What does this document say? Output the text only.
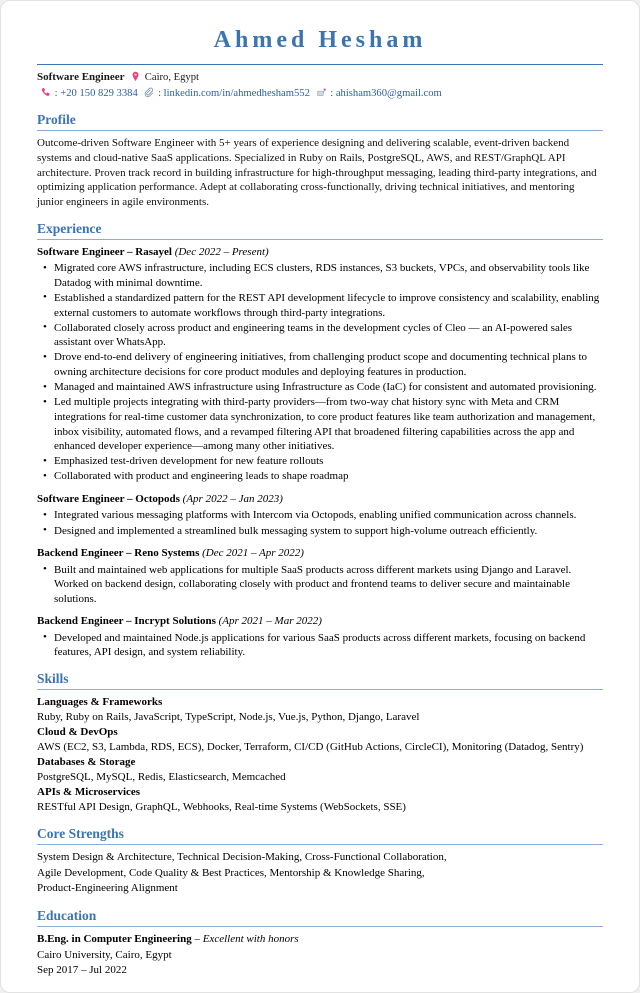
Ahmed Hesham
Software Engineer Cairo, Egypt
: +20 150 829 3384 : linkedin.com/in/ahmedhesham552 : ahisham360@gmail.com
Profile

Outcome-driven Software Engineer with 5+ years of experience designing and delivering scalable, event-driven backend systems and cloud-native SaaS applications. Specialized in Ruby on Rails, PostgreSQL, AWS, and REST/GraphQL API architecture. Proven track record in building infrastructure for high-throughput messaging, leading third-party integrations, and optimizing application performance. Adept at collaborating cross-functionally, driving technical initiatives, and mentoring junior engineers in agile environments.

Experience
Software Engineer – Rasayel (Dec 2022 – Present)
• Migrated core AWS infrastructure, including ECS clusters, RDS instances, S3 buckets, VPCs, and observability tools like Datadog with minimal downtime.
• Established a standardized pattern for the REST API development lifecycle to improve consistency and scalability, enabling external customers to automate workflows through third-party integrations.
• Collaborated closely across product and engineering teams in the development cycles of Cleo — an AI-powered sales assistant over WhatsApp.
• Drove end-to-end delivery of engineering initiatives, from challenging product scope and documenting technical plans to owning architecture decisions for core product modules and deploying features in production.
• Managed and maintained AWS infrastructure using Infrastructure as Code (IaC) for consistent and automated provisioning.
• Led multiple projects integrating with third-party providers—from two-way chat history sync with Meta and CRM integrations for real-time customer data synchronization, to core product features like team authorization and management, inbox visibility, automated flows, and a revamped filtering API that broadened filtering capabilities across the app and enhanced developer experience—among many other initiatives.
• Emphasized test-driven development for new feature rollouts
• Collaborated with product and engineering leads to shape roadmap
Software Engineer – Octopods (Apr 2022 – Jan 2023)
• Integrated various messaging platforms with Intercom via Octopods, enabling unified communication across channels.
• Designed and implemented a streamlined bulk messaging system to support high-volume outreach efficiently.
Backend Engineer – Reno Systems (Dec 2021 – Apr 2022)
• Built and maintained web applications for multiple SaaS products across different markets using Django and Laravel. Worked on backend design, collaborating closely with product and frontend teams to deliver secure and maintainable solutions.
Backend Engineer – Incrypt Solutions (Apr 2021 – Mar 2022)
• Developed and maintained Node.js applications for various SaaS products across different markets, focusing on backend features, API design, and system reliability.
Skills
Languages & Frameworks
Ruby, Ruby on Rails, JavaScript, TypeScript, Node.js, Vue.js, Python, Django, Laravel
Cloud & DevOps
AWS (EC2, S3, Lambda, RDS, ECS), Docker, Terraform, CI/CD (GitHub Actions, CircleCI), Monitoring (Datadog, Sentry)
Databases & Storage
PostgreSQL, MySQL, Redis, Elasticsearch, Memcached
APIs & Microservices
RESTful API Design, GraphQL, Webhooks, Real-time Systems (WebSockets, SSE)
Core Strengths
System Design & Architecture, Technical Decision-Making, Cross-Functional Collaboration,
Agile Development, Code Quality & Best Practices, Mentorship & Knowledge Sharing,
Product-Engineering Alignment
Education
B.Eng. in Computer Engineering – Excellent with honors
Cairo University, Cairo, Egypt
Sep 2017 – Jul 2022
